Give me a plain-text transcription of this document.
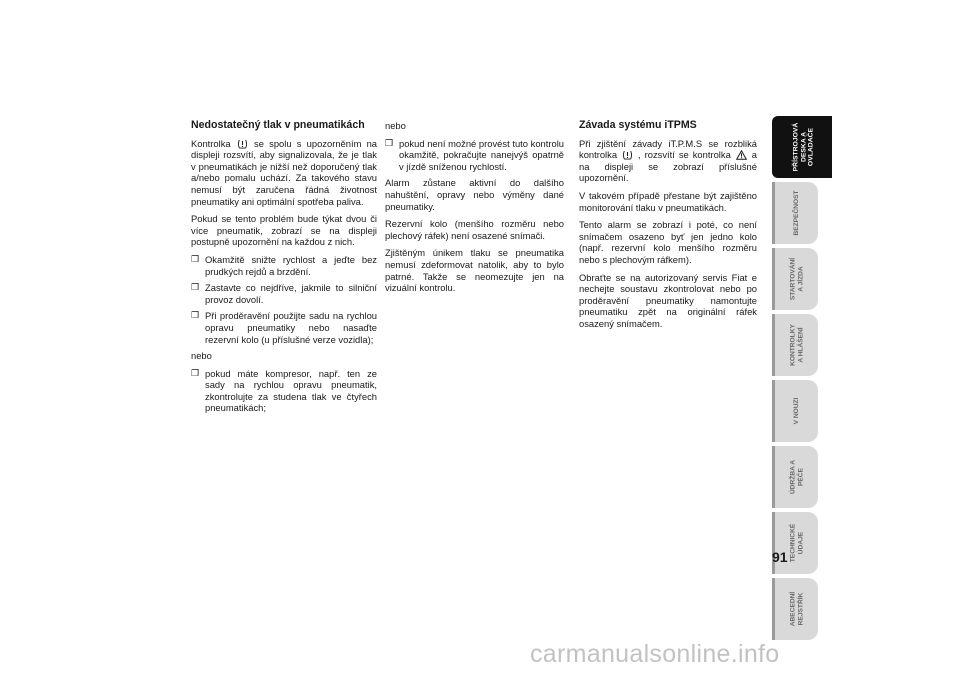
Nedostatečný tlak v pneumatikách

Kontrolka se spolu s upozorněním na displeji rozsvítí, aby signalizovala, že je tlak v pneumatikách je nižší než doporučený tlak a/nebo pomalu uchází. Za takového stavu nemusí být zaručena řádná životnost pneumatiky ani optimální spotřeba paliva.

Pokud se tento problém bude týkat dvou či více pneumatik, zobrazí se na displeji postupně upozornění na každou z nich.

❒ Okamžitě snižte rychlost a jeďte bez prudkých rejdů a brzdění.
❒ Zastavte co nejdříve, jakmile to silniční provoz dovolí.
❒ Při proděravění použijte sadu na rychlou opravu pneumatiky nebo nasaďte rezervní kolo (u příslušné verze vozidla);

nebo

❒ pokud máte kompresor, např. ten ze sady na rychlou opravu pneumatik, zkontrolujte za studena tlak ve čtyřech pneumatikách;

nebo

❒ pokud není možné provést tuto kontrolu okamžitě, pokračujte nanejvýš opatrně v jízdě sníženou rychlostí.

Alarm zůstane aktivní do dalšího nahuštění, opravy nebo výměny dané pneumatiky.

Rezervní kolo (menšího rozměru nebo plechový ráfek) není osazené snímači.

Zjištěným únikem tlaku se pneumatika nemusí zdeformovat natolik, aby to bylo patrné. Takže se neomezujte jen na vizuální kontrolu.

Závada systému iTPMS

Při zjištění závady iT.P.M.S se rozbliká kontrolka , rozsvítí se kontrolka a na displeji se zobrazí příslušné upozornění.

V takovém případě přestane být zajištěno monitorování tlaku v pneumatikách.

Tento alarm se zobrazí i poté, co není snímačem osazeno byť jen jedno kolo (např. rezervní kolo menšího rozměru nebo s plechovým ráfkem).

Obraťte se na autorizovaný servis Fiat e nechejte soustavu zkontrolovat nebo po proděravění pneumatiky namontujte pneumatiku zpět na originální ráfek osazený snímačem.

PŘÍSTROJOVÁ
DESKA A
OVLADAČE
BEZPEČNOST
STARTOVÁNÍ
A JÍZDA
KONTROLKY
A HLÁŠENÍ
V NOUZI
ÚDRŽBA A
PÉČE
TECHNICKÉ
ÚDAJE
ABECEDNÍ
REJSTŘÍK
91
carmanualsonline.info
